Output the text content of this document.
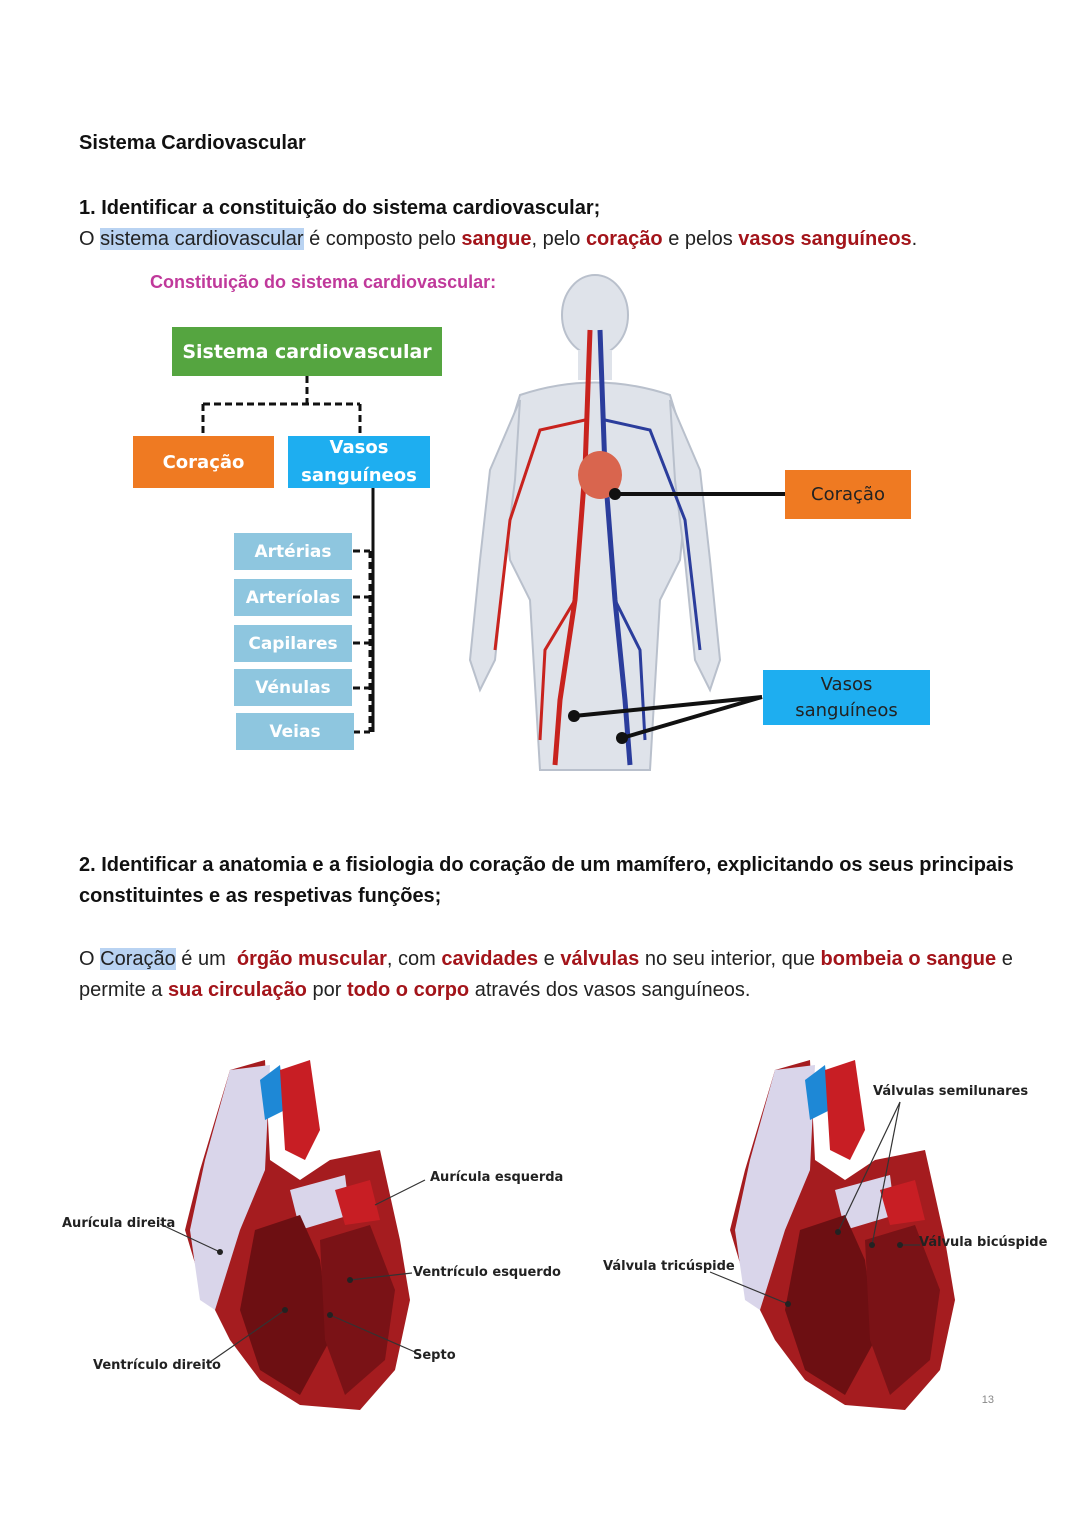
Sistema Cardiovascular
1. Identificar a constituição do sistema cardiovascular;
O sistema cardiovascular é composto pelo sangue, pelo coração e pelos vasos sanguíneos.
Constituição do sistema cardiovascular:
Sistema cardiovascular
Coração
Vasos
sanguíneos
Artérias
Arteríolas
Capilares
Vénulas
Veias
Coração
Vasos
sanguíneos
2. Identificar a anatomia e a fisiologia do coração de um mamífero, explicitando os seus principais
constituintes e as respetivas funções;
O Coração é um  órgão muscular, com cavidades e válvulas no seu interior, que bombeia o sangue e
permite a sua circulação por todo o corpo através dos vasos sanguíneos.
Aurícula direita
Aurícula esquerda
Ventrículo esquerdo
Ventrículo direito
Septo
Válvulas semilunares
Válvula bicúspide
Válvula tricúspide
13
